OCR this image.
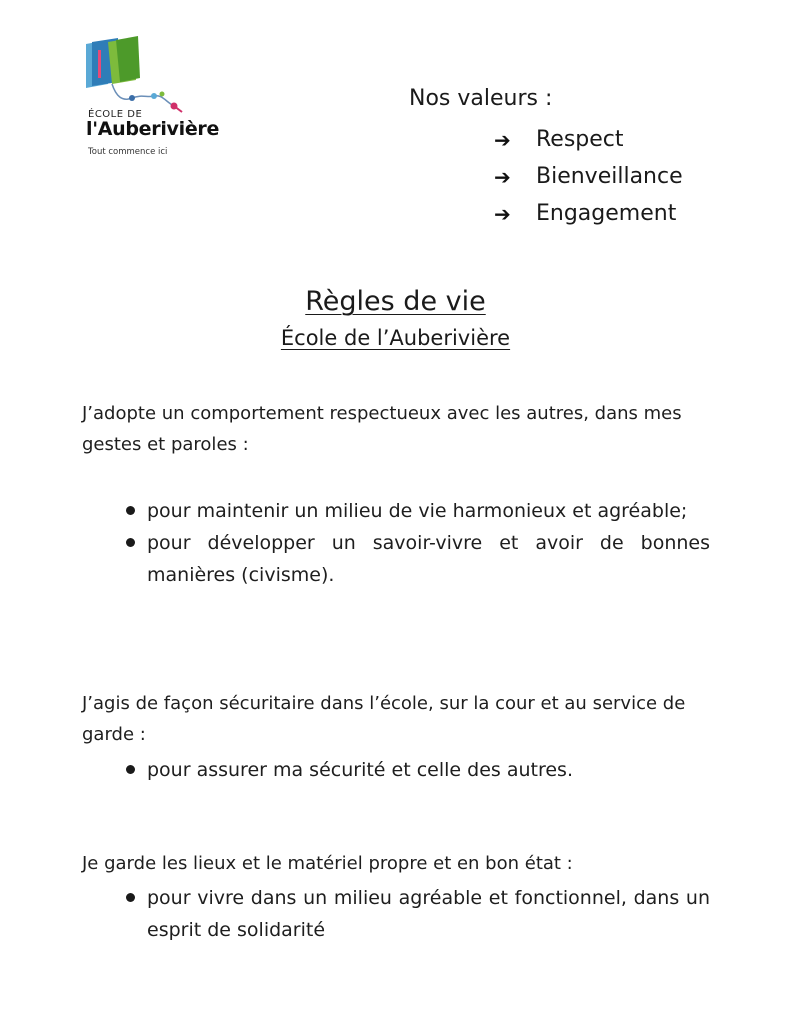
ÉCOLE DE
l'Auberivière
Tout commence ici
Nos valeurs :
➔	Respect
➔	Bienveillance
➔	Engagement
Règles de vie
École de l’Auberivière

J’adopte un comportement respectueux avec les autres, dans mes gestes et paroles :

pour maintenir un milieu de vie harmonieux et agréable;
pour développer un savoir-vivre et avoir de bonnes manières (civisme).

J’agis de façon sécuritaire dans l’école, sur la cour et au service de garde :

pour assurer ma sécurité et celle des autres.

Je garde les lieux et le matériel propre et en bon état :

pour vivre dans un milieu agréable et fonctionnel, dans un esprit de solidarité
